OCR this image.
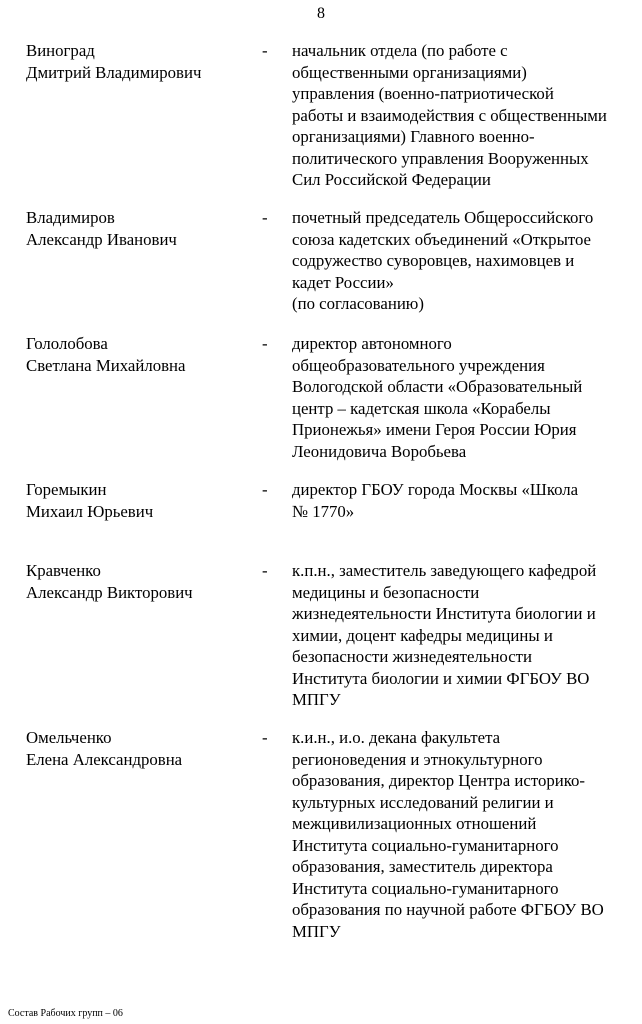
8
Виноград
Дмитрий Владимирович
-	начальник отдела (по работе с
общественными организациями)
управления (военно-патриотической
работы и взаимодействия с общественными
организациями) Главного военно-
политического управления Вооруженных
Сил Российской Федерации
Владимиров
Александр Иванович
-	почетный председатель Общероссийского
союза кадетских объединений «Открытое
содружество суворовцев, нахимовцев и
кадет России»
(по согласованию)
Гололобова
Светлана Михайловна
-	директор автономного
общеобразовательного учреждения
Вологодской области «Образовательный
центр – кадетская школа «Корабелы
Прионежья» имени Героя России Юрия
Леонидовича Воробьева
Горемыкин
Михаил Юрьевич
-	директор ГБОУ города Москвы «Школа
№ 1770»
Кравченко
Александр Викторович
-	к.п.н., заместитель заведующего кафедрой
медицины и безопасности
жизнедеятельности Института биологии и
химии, доцент кафедры медицины и
безопасности жизнедеятельности
Института биологии и химии ФГБОУ ВО
МПГУ
Омельченко
Елена Александровна
-	к.и.н., и.о. декана факультета
регионоведения и этнокультурного
образования, директор Центра историко-
культурных исследований религии и
межцивилизационных отношений
Института социально-гуманитарного
образования, заместитель директора
Института социально-гуманитарного
образования по научной работе ФГБОУ ВО
МПГУ
Состав Рабочих групп – 06
